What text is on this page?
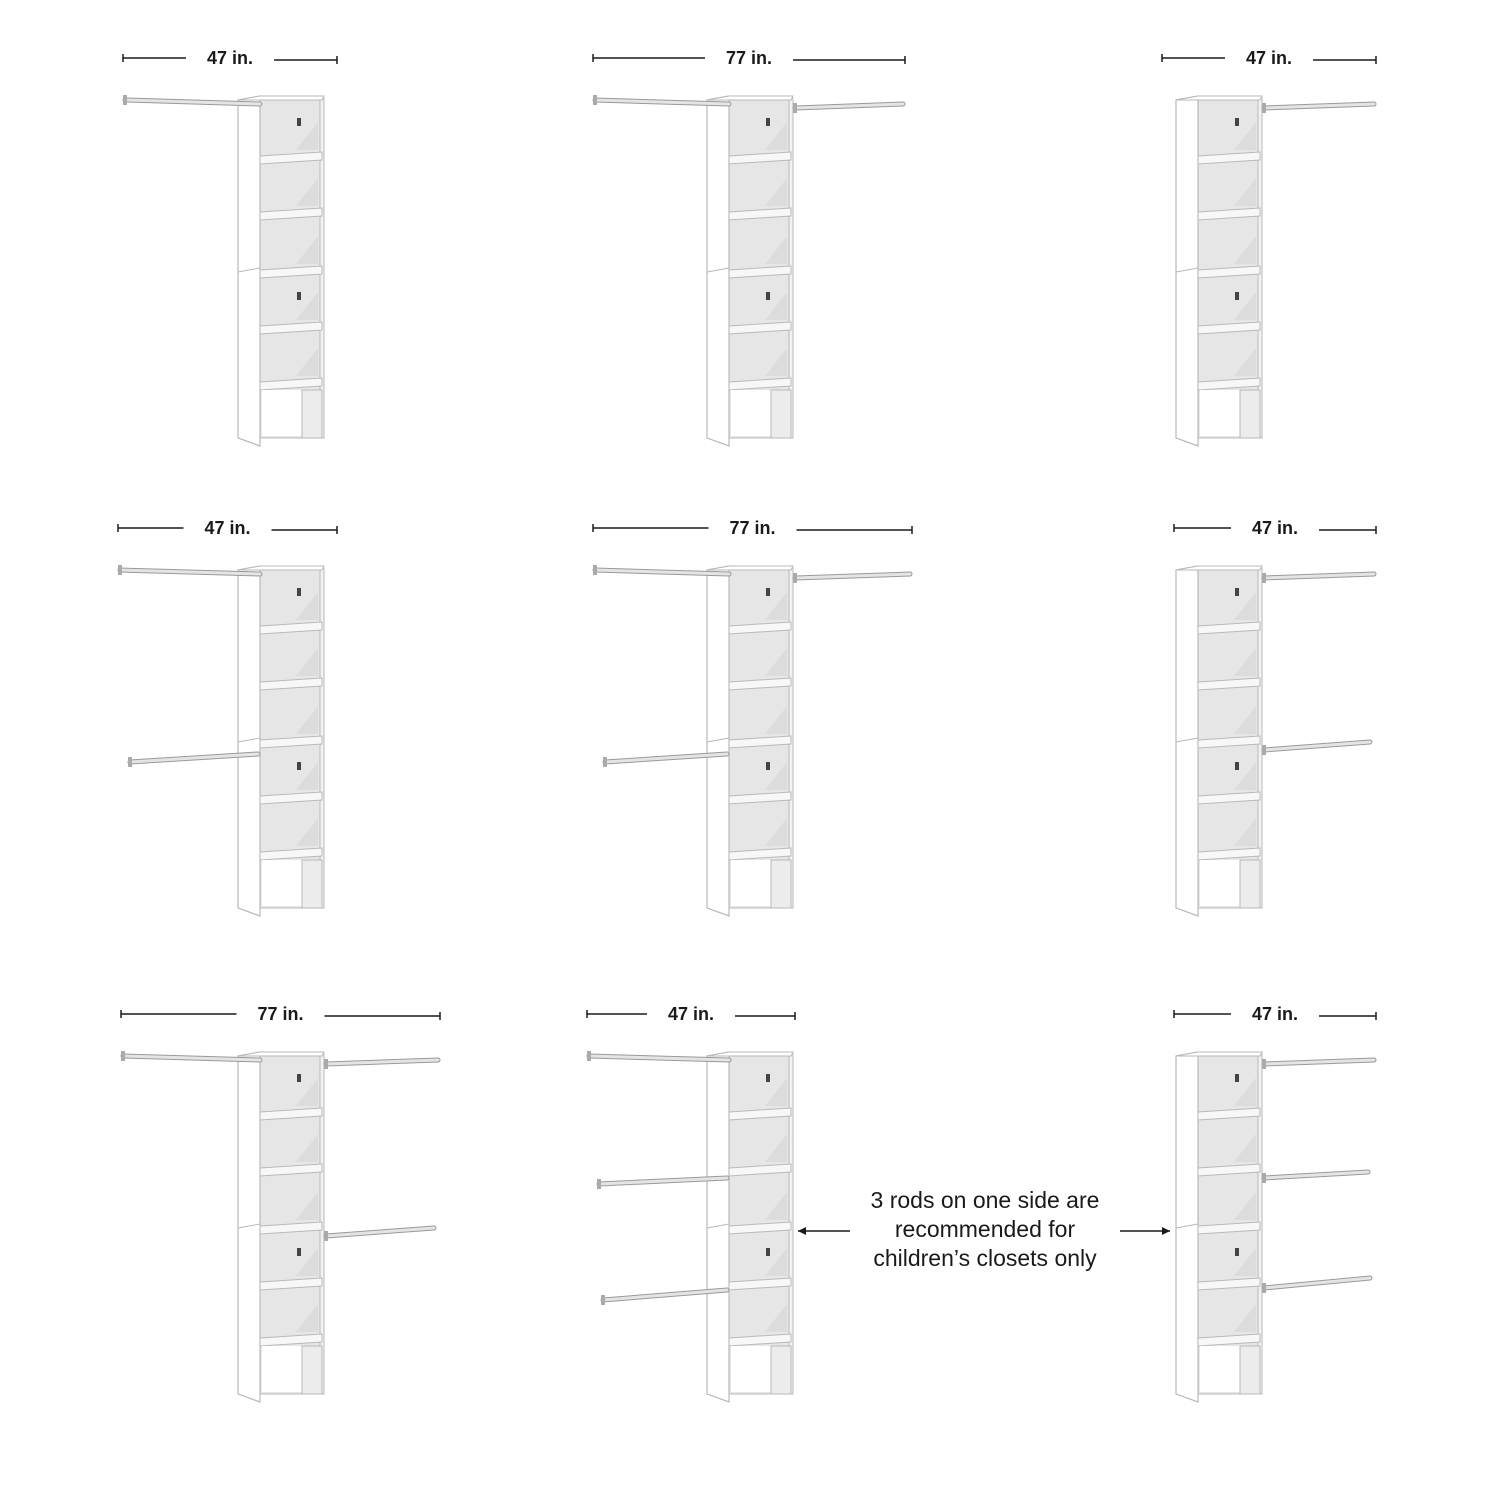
47 in.	77 in.	47 in.
47 in.	77 in.	47 in.
77 in.	47 in.	47 in.
3 rods on one side are
recommended for
children’s closets only
